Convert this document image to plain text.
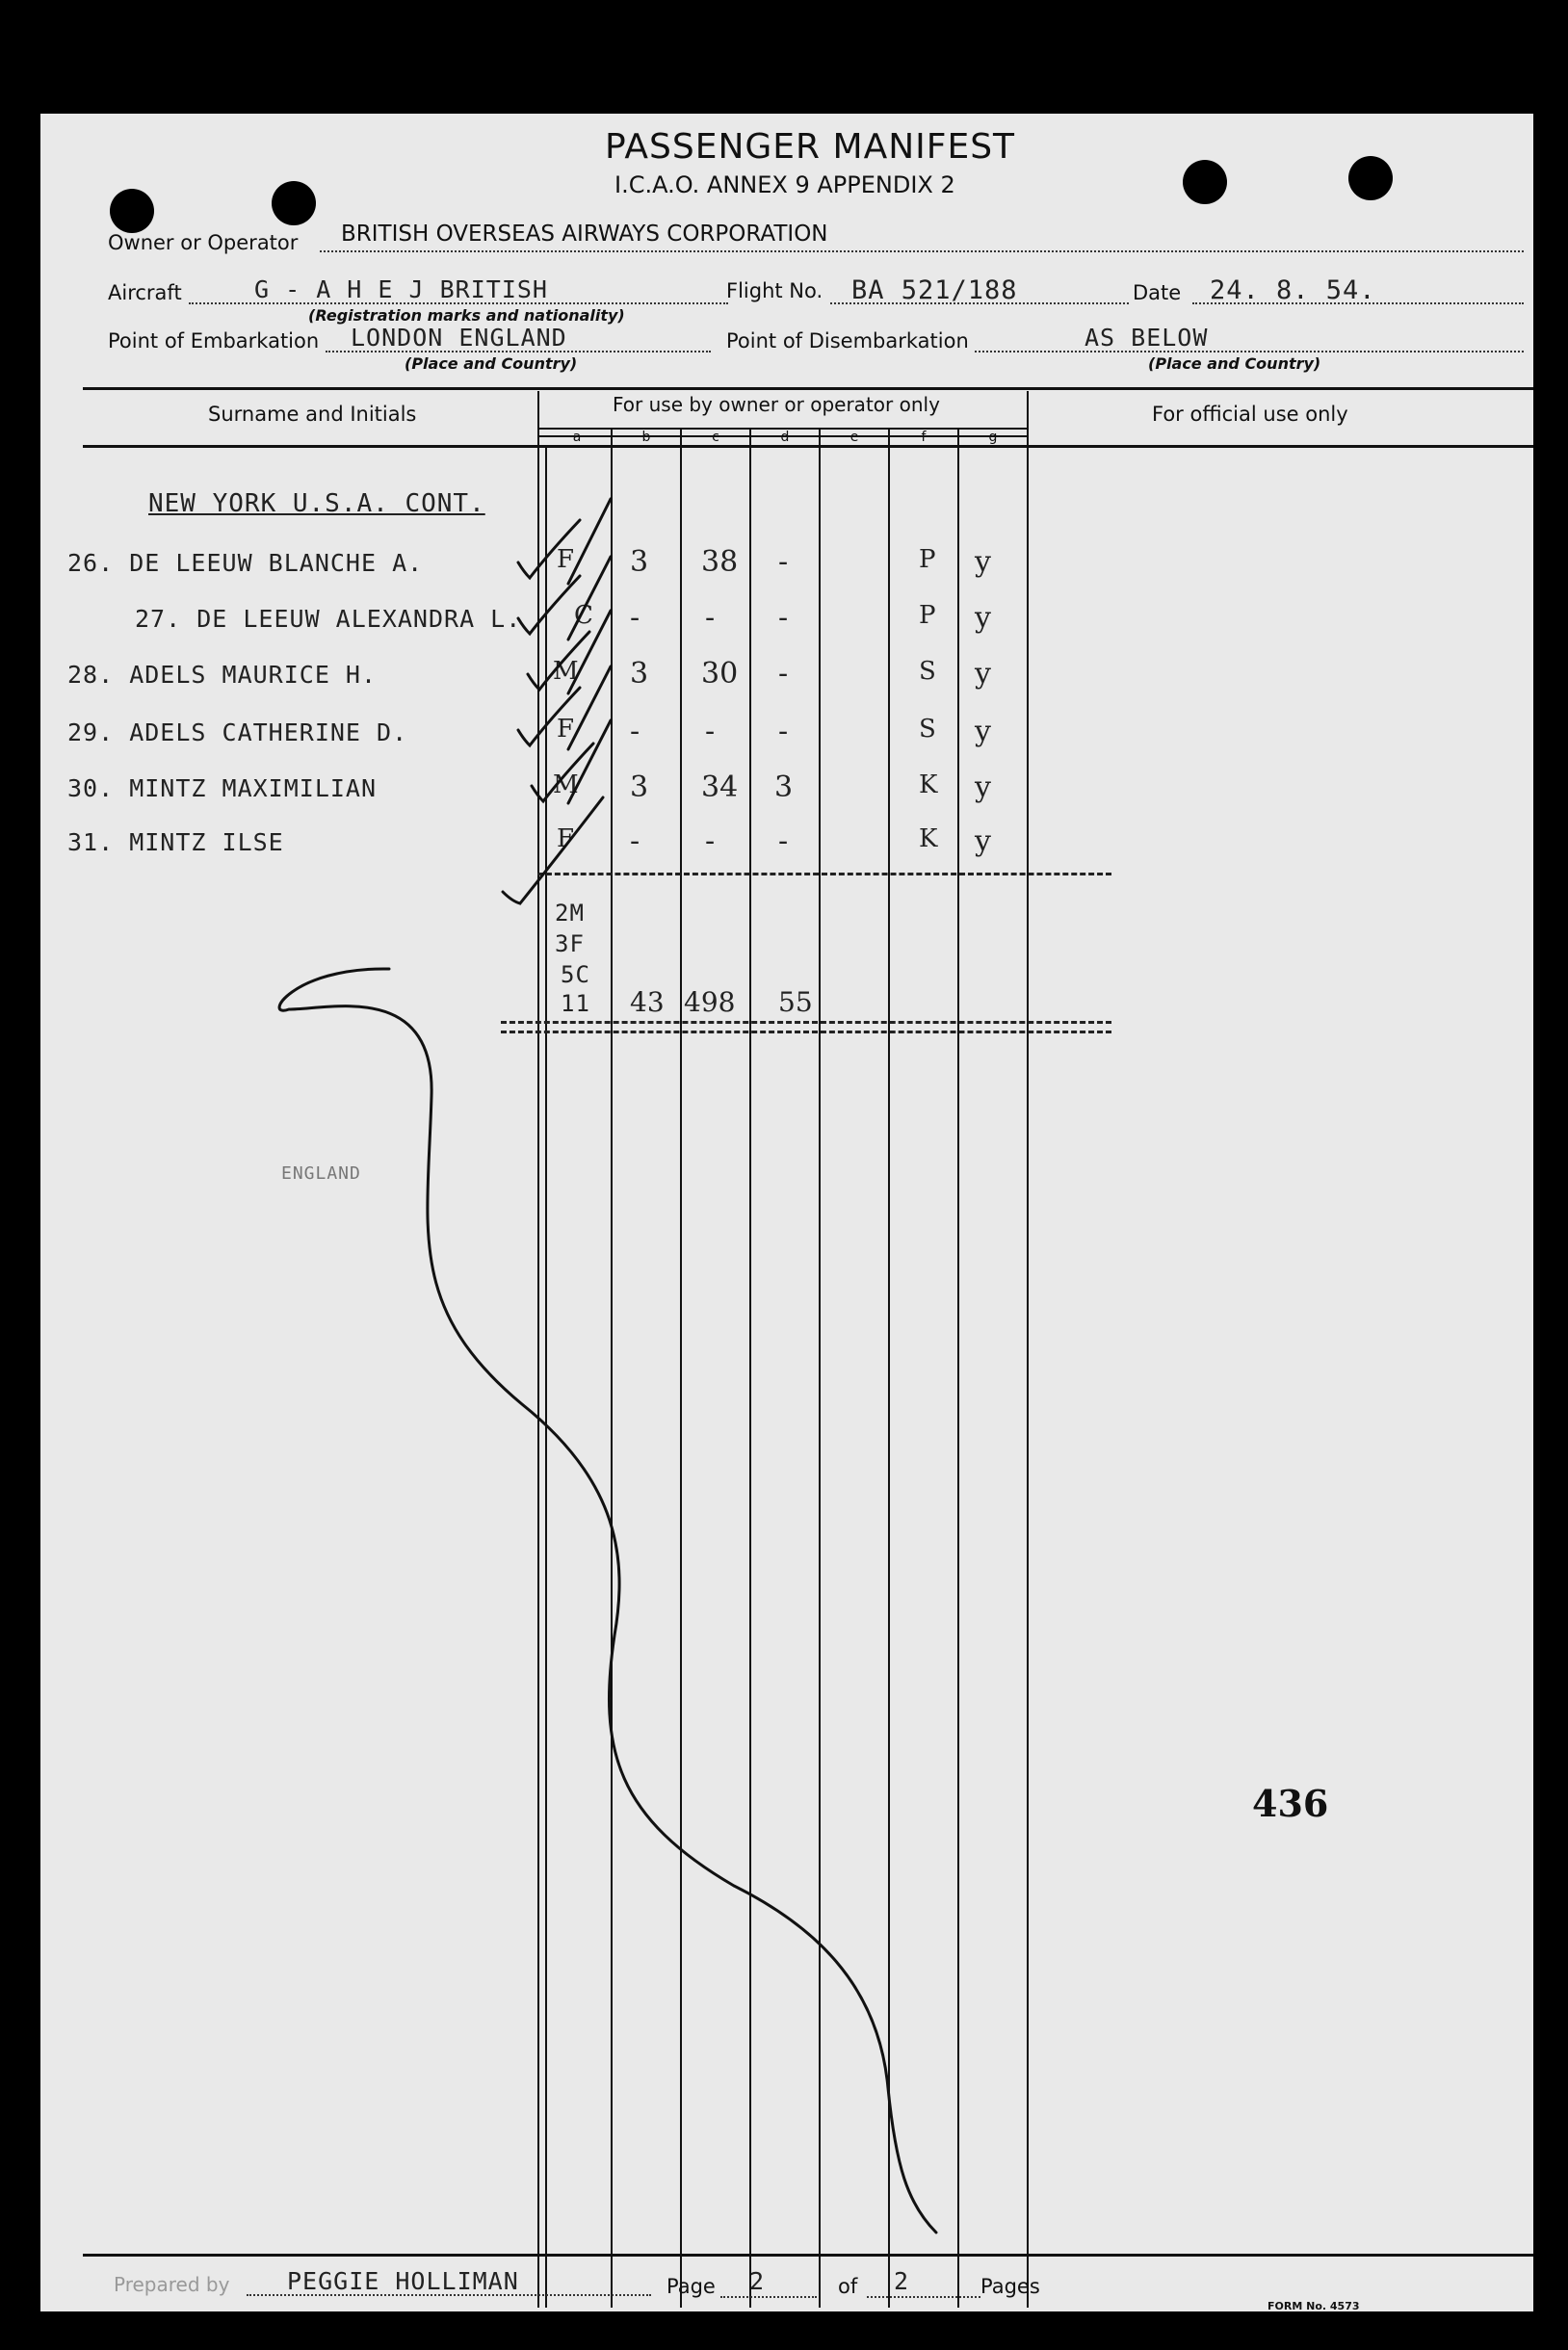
PASSENGER MANIFEST
I.C.A.O. ANNEX 9 APPENDIX 2
Owner or Operator BRITISH OVERSEAS AIRWAYS CORPORATION
Aircraft	G - A H E J BRITISH
(Registration marks and nationality)
Flight No. BA 521/188	Date 24. 8. 54.
Point of Embarkation LONDON ENGLAND
(Place and Country)
Point of Disembarkation	AS BELOW
(Place and Country)
Surname and Initials	For use by owner or operator only	For official use only
a	b	c	d	e	f	g
NEW YORK U.S.A. CONT.
26. DE LEEUW BLANCHE A.	F 3 38 -	P y
27. DE LEEUW ALEXANDRA L. C - - -	P y
28. ADELS MAURICE H.	M 3 30 -	S y
29. ADELS CATHERINE D.	F - - -	S y
30. MINTZ MAXIMILIAN	M 3 34 3	K y
31. MINTZ ILSE	F - - -	K y
2M
3F
5C
11 43 498 55
ENGLAND
436
Prepared by PEGGIE HOLLIMAN	Page 2	of 2	Pages
FORM No. 4573
